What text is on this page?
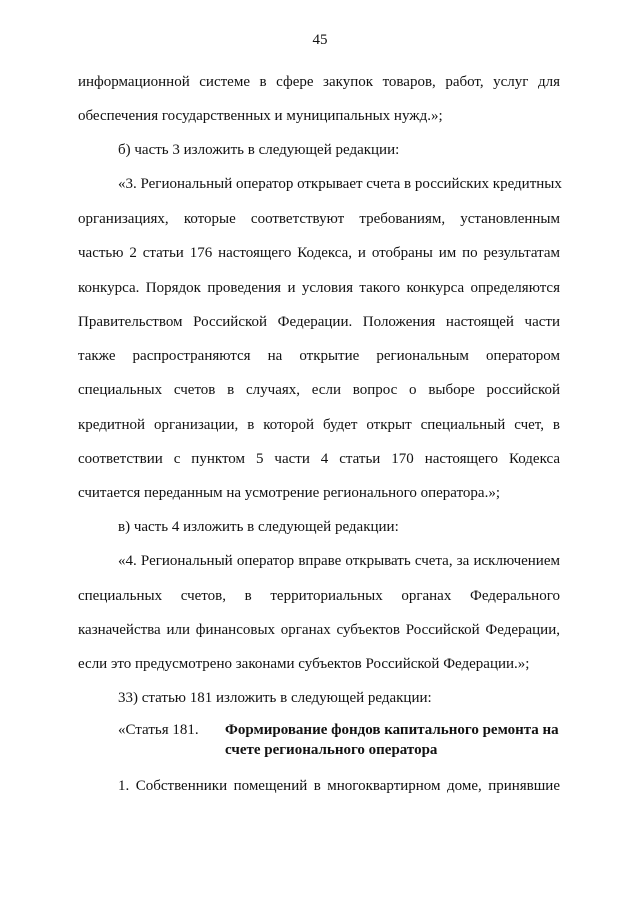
45
информационной системе в сфере закупок товаров, работ, услуг для
обеспечения государственных и муниципальных нужд.»;
б) часть 3 изложить в следующей редакции:
«3. Региональный оператор открывает счета в российских кредитных
организациях, которые соответствуют требованиям, установленным
частью 2 статьи 176 настоящего Кодекса, и отобраны им по результатам
конкурса. Порядок проведения и условия такого конкурса определяются
Правительством Российской Федерации. Положения настоящей части
также распространяются на открытие региональным оператором
специальных счетов в случаях, если вопрос о выборе российской
кредитной организации, в которой будет открыт специальный счет, в
соответствии с пунктом 5 части 4 статьи 170 настоящего Кодекса
считается переданным на усмотрение регионального оператора.»;
в) часть 4 изложить в следующей редакции:
«4. Региональный оператор вправе открывать счета, за исключением
специальных счетов, в территориальных органах Федерального
казначейства или финансовых органах субъектов Российской Федерации,
если это предусмотрено законами субъектов Российской Федерации.»;
33) статью 181 изложить в следующей редакции:
«Статья 181. Формирование фондов капитального ремонта на
счете регионального оператора
1. Собственники помещений в многоквартирном доме, принявшие
